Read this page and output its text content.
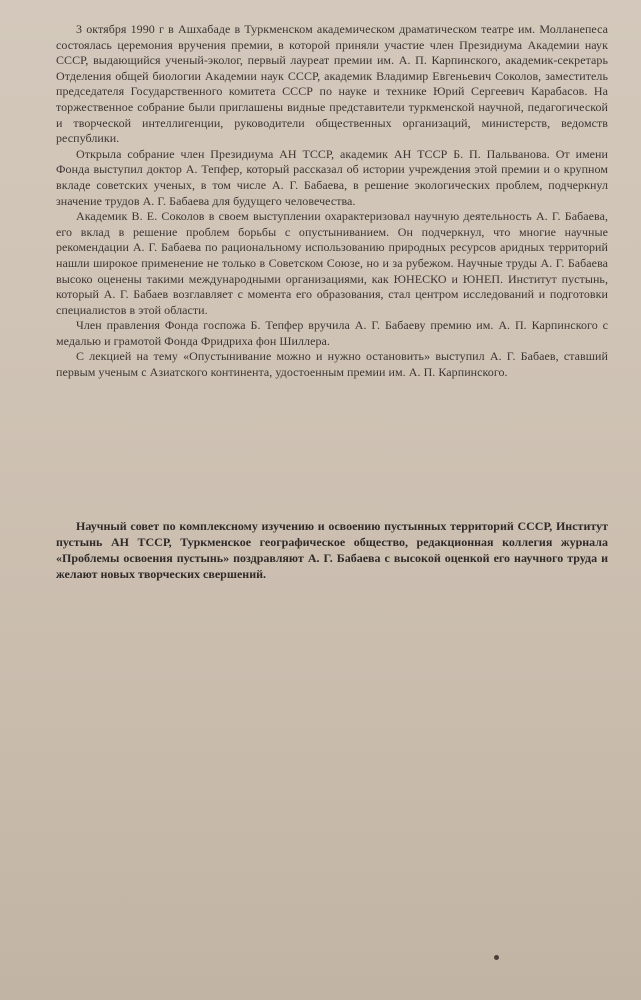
3 октября 1990 г в Ашхабаде в Туркменском академическом драматическом театре им. Молланепеса состоялась церемония вручения премии, в которой приняли участие член Президиума Академии наук СССР, выдающийся ученый-эколог, первый лауреат премии им. А. П. Карпинского, академик-секретарь Отделения общей биологии Академии наук СССР, академик Владимир Евгеньевич Соколов, заместитель председателя Государственного комитета СССР по науке и технике Юрий Сергеевич Карабасов. На торжественное собрание были приглашены видные представители туркменской научной, педагогической и творческой интеллигенции, руководители общественных организаций, министерств, ведомств республики.

Открыла собрание член Президиума АН ТССР, академик АН ТССР Б. П. Пальванова. От имени Фонда выступил доктор А. Тепфер, который рассказал об истории учреждения этой премии и о крупном вкладе советских ученых, в том числе А. Г. Бабаева, в решение экологических проблем, подчеркнул значение трудов А. Г. Бабаева для будущего человечества.

Академик В. Е. Соколов в своем выступлении охарактеризовал научную деятельность А. Г. Бабаева, его вклад в решение проблем борьбы с опустыниванием. Он подчеркнул, что многие научные рекомендации А. Г. Бабаева по рациональному использованию природных ресурсов аридных территорий нашли широкое применение не только в Советском Союзе, но и за рубежом. Научные труды А. Г. Бабаева высоко оценены такими международными организациями, как ЮНЕСКО и ЮНЕП. Институт пустынь, который А. Г. Бабаев возглавляет с момента его образования, стал центром исследований и подготовки специалистов в этой области.

Член правления Фонда госпожа Б. Тепфер вручила А. Г. Бабаеву премию им. А. П. Карпинского с медалью и грамотой Фонда Фридриха фон Шиллера.

С лекцией на тему «Опустынивание можно и нужно остановить» выступил А. Г. Бабаев, ставший первым ученым с Азиатского континента, удостоенным премии им. А. П. Карпинского.

Научный совет по комплексному изучению и освоению пустынных территорий СССР, Институт пустынь АН ТССР, Туркменское географическое общество, редакционная коллегия журнала «Проблемы освоения пустынь» поздравляют А. Г. Бабаева с высокой оценкой его научного труда и желают новых творческих свершений.
